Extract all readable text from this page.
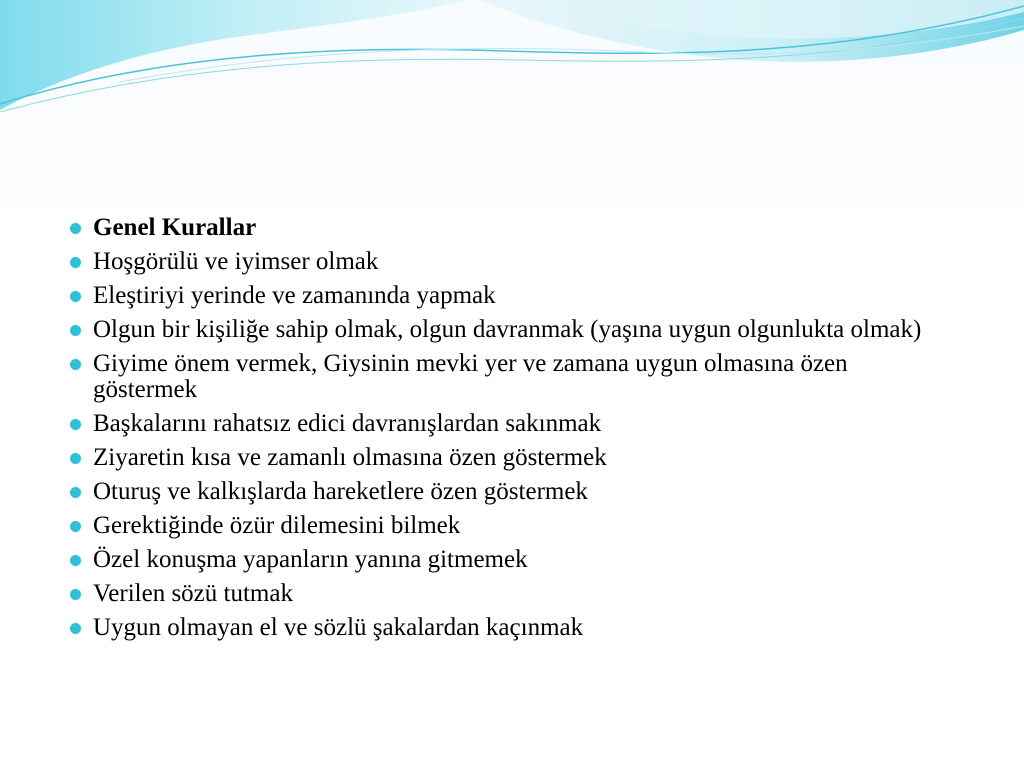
Genel Kurallar
Hoşgörülü ve iyimser olmak
Eleştiriyi yerinde ve zamanında yapmak
Olgun bir kişiliğe sahip olmak, olgun davranmak (yaşına uygun olgunlukta olmak)
Giyime önem vermek, Giysinin mevki yer ve zamana uygun olmasına özen göstermek
Başkalarını rahatsız edici davranışlardan sakınmak
Ziyaretin kısa ve zamanlı olmasına özen göstermek
Oturuş ve kalkışlarda hareketlere özen göstermek
Gerektiğinde özür dilemesini bilmek
Özel konuşma yapanların yanına gitmemek
Verilen sözü tutmak
Uygun olmayan el ve sözlü şakalardan kaçınmak
